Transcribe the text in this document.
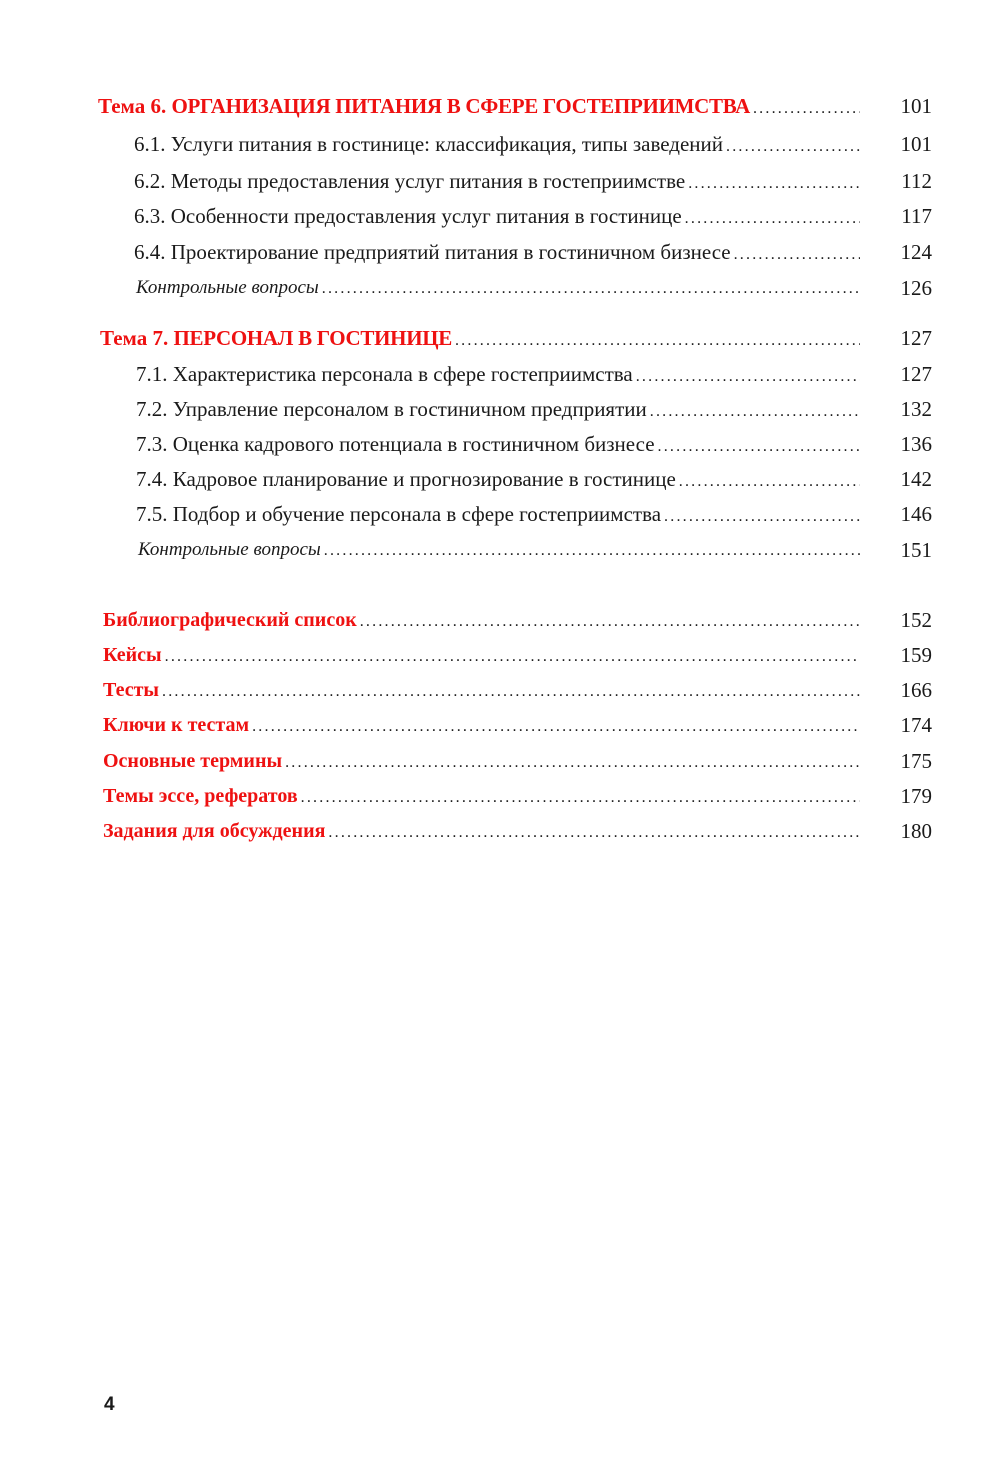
Тема 6. ОРГАНИЗАЦИЯ ПИТАНИЯ В СФЕРЕ ГОСТЕПРИИМСТВА .....	101
6.1. Услуги питания в гостинице: классификация, типы заведений .....	101
6.2. Методы предоставления услуг питания в гостеприимстве .....	112
6.3. Особенности предоставления услуг питания в гостинице .....	117
6.4. Проектирование предприятий питания в гостиничном бизнесе .....	124
Контрольные вопросы .....	126
Тема 7. ПЕРСОНАЛ В ГОСТИНИЦЕ .....	127
7.1. Характеристика персонала в сфере гостеприимства .....	127
7.2. Управление персоналом в гостиничном предприятии .....	132
7.3. Оценка кадрового потенциала в гостиничном бизнесе .....	136
7.4. Кадровое планирование и прогнозирование в гостинице .....	142
7.5. Подбор и обучение персонала в сфере гостеприимства .....	146
Контрольные вопросы .....	151
Библиографический список .....	152
Кейсы .....	159
Тесты .....	166
Ключи к тестам .....	174
Основные термины .....	175
Темы эссе, рефератов .....	179
Задания для обсуждения .....	180
4
